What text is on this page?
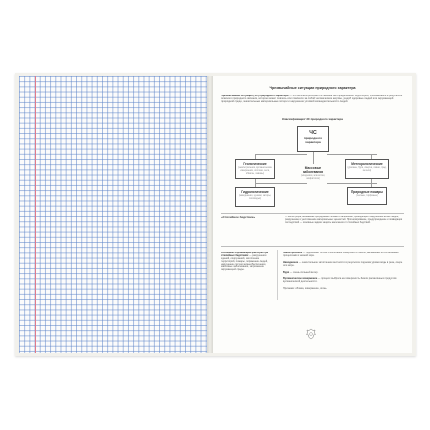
Чрезвычайные ситуации природного характера
Чрезвычайная ситуация (ЧС) природного характера — это неблагоприятная обстановка на определённой территории, сложившаяся в результате опасного природного явления, которое может повлечь или повлекло за собой человеческие жертвы, ущерб здоровью людей или окружающей природной среде, значительные материальные потери и нарушение условий жизнедеятельности людей.
Классификация ЧС природного характера
ЧС
природного характера
Геологические
(землетрясения, вулканические извержения, оползни, сели, обвалы, лавины)
Метеорологические
(ураганы, бури, смерчи, ливни, град, метели)
Массовые заболевания
(эпидемии, эпизоотии, эпифитотии)
Гидрологические
(наводнения, цунами, заторы, половодья)
Природные пожары
(лесные, торфяные)
«Стихийное бедствие»	— катастрофа, вызванная природными силами и явлениями, приводящая к нарушению жизни людей, разрушению и уничтожению материальных ценностей. Прогнозирование, предупреждение и ликвидация последствий — основные задачи защиты населения от стихийных бедствий.
Основные поражающие факторы при стихийных бедствиях — разрушения зданий, сооружений, затопление территорий, пожары, поражение людей, нарушение систем жизнеобеспечения, массовые заболевания, загрязнение окружающей среды.
Землетрясение — подземные толчки и колебания поверхности Земли, вызванные естественными процессами в земной коре.
Наводнение — значительное затопление местности в результате подъёма уровня воды в реке, озере или море.
Буря — очень сильный ветер.
Вулканическое извержение — процесс выброса на поверхность Земли раскалённых продуктов вулканической деятельности.
Признаки: облака, извержение, огонь.
